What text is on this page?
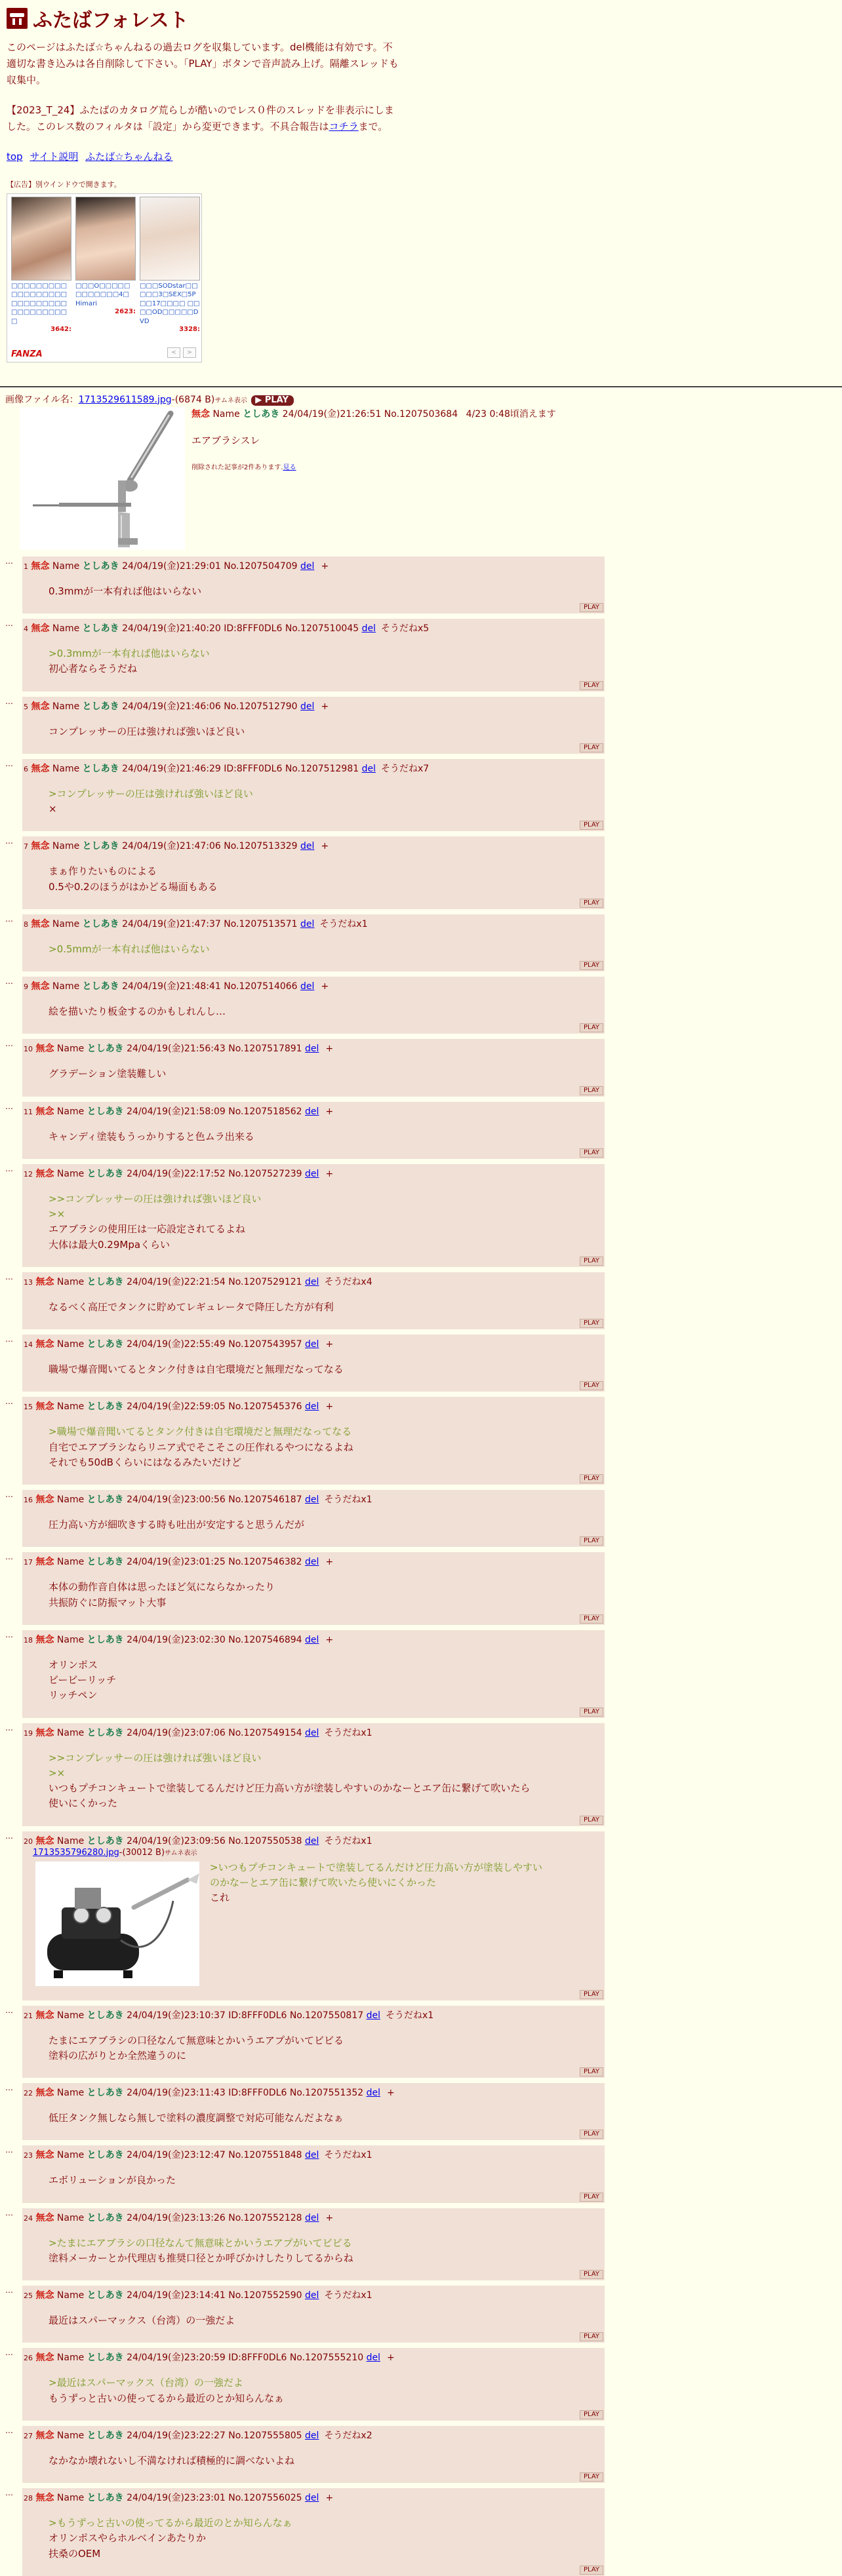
ふたばフォレスト

このページはふたば☆ちゃんねるの過去ログを収集しています。del機能は有効です。不適切な書き込みは各自削除して下さい。「PLAY」ボタンで音声読み上げ。隔離スレッドも収集中。

【2023_T_24】ふたばのカタログ荒らしが酷いのでレス０件のスレッドを非表示にしました。このレス数のフィルタは「設定」から変更できます。不具合報告はコチラまで。

top サイト説明 ふたば☆ちゃんねる
【広告】別ウインドウで開きます。
□□□□□□□□□□□□□□□□□□□□□□□□□□□□□□□□□□□□ □
3642:
□□□O□□□□□□□□□□□□4□ Himari
2623:
□□□SODstar□□□□□3□SEX□5P□□17□□□□ □□□□OD□□□□□DVD
3328:
FANZA	<	>
画像ファイル名：1713529611589.jpg-(6874 B)サムネ表示 ▶ PLAY
無念 Name としあき 24/04/19(金)21:26:51 No.1207503684 4/23 0:48頃消えます
エアブラシスレ
削除された記事が2件あります.見る
…
1 無念 Name としあき 24/04/19(金)21:29:01 No.1207504709 del +
0.3mmが一本有れば他はいらない
PLAY
…
4 無念 Name としあき 24/04/19(金)21:40:20 ID:8FFF0DL6 No.1207510045 del そうだねx5
>0.3mmが一本有れば他はいらない
初心者ならそうだね
PLAY
…
5 無念 Name としあき 24/04/19(金)21:46:06 No.1207512790 del +
コンプレッサーの圧は強ければ強いほど良い
PLAY
…
6 無念 Name としあき 24/04/19(金)21:46:29 ID:8FFF0DL6 No.1207512981 del そうだねx7
>コンプレッサーの圧は強ければ強いほど良い
×
PLAY
…
7 無念 Name としあき 24/04/19(金)21:47:06 No.1207513329 del +
まぁ作りたいものによる
0.5や0.2のほうがはかどる場面もある
PLAY
…
8 無念 Name としあき 24/04/19(金)21:47:37 No.1207513571 del そうだねx1
>0.5mmが一本有れば他はいらない
PLAY
…
9 無念 Name としあき 24/04/19(金)21:48:41 No.1207514066 del +
絵を描いたり板金するのかもしれんし…
PLAY
…
10 無念 Name としあき 24/04/19(金)21:56:43 No.1207517891 del +
グラデーション塗装難しい
PLAY
…
11 無念 Name としあき 24/04/19(金)21:58:09 No.1207518562 del +
キャンディ塗装もうっかりすると色ムラ出来る
PLAY
…
12 無念 Name としあき 24/04/19(金)22:17:52 No.1207527239 del +
>>コンプレッサーの圧は強ければ強いほど良い
>×
エアブラシの使用圧は一応設定されてるよね
大体は最大0.29Mpaくらい
PLAY
…
13 無念 Name としあき 24/04/19(金)22:21:54 No.1207529121 del そうだねx4
なるべく高圧でタンクに貯めてレギュレータで降圧した方が有利
PLAY
…
14 無念 Name としあき 24/04/19(金)22:55:49 No.1207543957 del +
職場で爆音聞いてるとタンク付きは自宅環境だと無理だなってなる
PLAY
…
15 無念 Name としあき 24/04/19(金)22:59:05 No.1207545376 del +
>職場で爆音聞いてるとタンク付きは自宅環境だと無理だなってなる
自宅でエアブラシならリニア式でそこそこの圧作れるやつになるよね
それでも50dBくらいにはなるみたいだけど
PLAY
…
16 無念 Name としあき 24/04/19(金)23:00:56 No.1207546187 del そうだねx1
圧力高い方が細吹きする時も吐出が安定すると思うんだが
PLAY
…
17 無念 Name としあき 24/04/19(金)23:01:25 No.1207546382 del +
本体の動作音自体は思ったほど気にならなかったり
共振防ぐに防振マット大事
PLAY
…
18 無念 Name としあき 24/04/19(金)23:02:30 No.1207546894 del +
オリンポス
ビービーリッチ
リッチペン
PLAY
…
19 無念 Name としあき 24/04/19(金)23:07:06 No.1207549154 del そうだねx1
>>コンプレッサーの圧は強ければ強いほど良い
>×
いつもプチコンキュートで塗装してるんだけど圧力高い方が塗装しやすいのかなーとエア缶に繋げて吹いたら
使いにくかった
PLAY
…
20 無念 Name としあき 24/04/19(金)23:09:56 No.1207550538 del そうだねx1
1713535796280.jpg-(30012 B)サムネ表示
>いつもプチコンキュートで塗装してるんだけど圧力高い方が塗装しやすい
のかなーとエア缶に繋げて吹いたら使いにくかった
これ
PLAY
…
21 無念 Name としあき 24/04/19(金)23:10:37 ID:8FFF0DL6 No.1207550817 del そうだねx1
たまにエアブラシの口径なんて無意味とかいうエアプがいてビビる
塗料の広がりとか全然違うのに
PLAY
…
22 無念 Name としあき 24/04/19(金)23:11:43 ID:8FFF0DL6 No.1207551352 del +
低圧タンク無しなら無しで塗料の濃度調整で対応可能なんだよなぁ
PLAY
…
23 無念 Name としあき 24/04/19(金)23:12:47 No.1207551848 del そうだねx1
エボリューションが良かった
PLAY
…
24 無念 Name としあき 24/04/19(金)23:13:26 No.1207552128 del +
>たまにエアブラシの口径なんて無意味とかいうエアプがいてビビる
塗料メーカーとか代理店も推奨口径とか呼びかけしたりしてるからね
PLAY
…
25 無念 Name としあき 24/04/19(金)23:14:41 No.1207552590 del そうだねx1
最近はスパーマックス（台湾）の一強だよ
PLAY
…
26 無念 Name としあき 24/04/19(金)23:20:59 ID:8FFF0DL6 No.1207555210 del +
>最近はスパーマックス（台湾）の一強だよ
もうずっと古いの使ってるから最近のとか知らんなぁ
PLAY
…
27 無念 Name としあき 24/04/19(金)23:22:27 No.1207555805 del そうだねx2
なかなか壊れないし不満なければ積極的に調べないよね
PLAY
…
28 無念 Name としあき 24/04/19(金)23:23:01 No.1207556025 del +
>もうずっと古いの使ってるから最近のとか知らんなぁ
オリンポスやらホルベインあたりか
扶桑のOEM
PLAY
